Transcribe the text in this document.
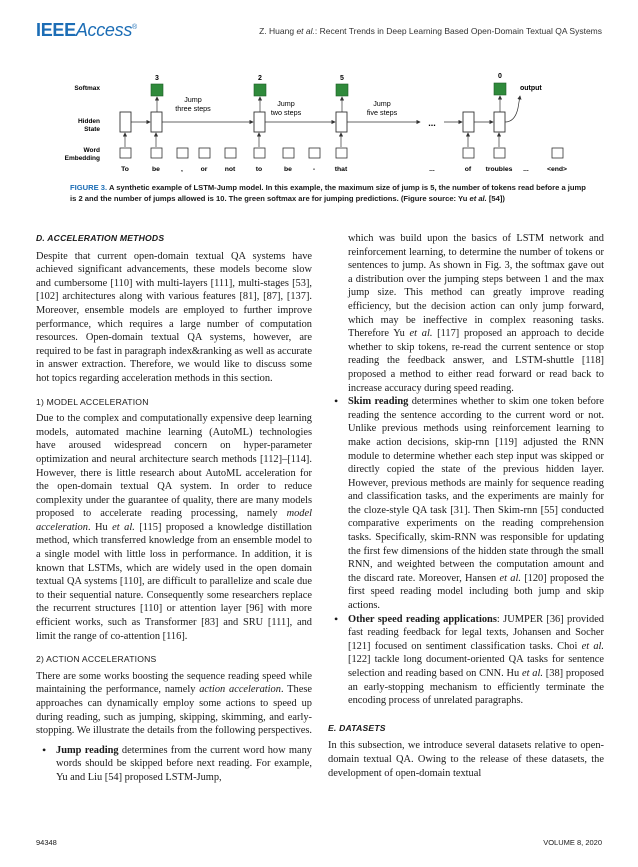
IEEEAccess®	Z. Huang et al.: Recent Trends in Deep Learning Based Open-Domain Textual QA Systems
Softmax
Hidden
State
Word
Embedding
3	2	5	0
Jump
three steps
Jump
two steps
Jump
five steps
...
output
To	be	,	or	not	to	be	-	that	...	of troubles ...	<end>
FIGURE 3. A synthetic example of LSTM-Jump model. In this example, the maximum size of jump is 5, the number of tokens read before a jump is 2 and the number of jumps allowed is 10. The green softmax are for jumping predictions. (Figure source: Yu et al. [54])
D. ACCELERATION METHODS

Despite that current open-domain textual QA systems have achieved significant advancements, these models become slow and cumbersome [110] with multi-layers [111], multi-stages [53], [102] architectures along with various features [81], [87], [137]. Moreover, ensemble models are employed to further improve performance, which requires a large number of computation resources. Open-domain textual QA systems, however, are required to be fast in paragraph index&ranking as well as accurate in answer extraction. Therefore, we would like to discuss some hot topics regarding acceleration methods in this section.

1) MODEL ACCELERATION

Due to the complex and computationally expensive deep learning models, automated machine learning (AutoML) technologies have aroused widespread concern on hyper-parameter optimization and neural architecture search methods [112]–[114]. However, there is little research about AutoML acceleration for the open-domain textual QA system. In order to reduce complexity under the guarantee of quality, there are many models proposed to accelerate reading processing, namely model acceleration. Hu et al. [115] proposed a knowledge distillation method, which transferred knowledge from an ensemble model to a single model with little loss in performance. In addition, it is known that LSTMs, which are widely used in the open domain textual QA systems [110], are difficult to parallelize and scale due to their sequential nature. Consequently some researchers replace the recurrent structures [110] or attention layer [96] with more efficient works, such as Transformer [83] and SRU [111], and limit the range of co-attention [116].

2) ACTION ACCELERATIONS

There are some works boosting the sequence reading speed while maintaining the performance, namely action acceleration. These approaches can dynamically employ some actions to speed up during reading, such as jumping, skipping, skimming, and early-stopping. We illustrate the details from the following perspectives.

• Jump reading determines from the current word how many words should be skipped before next reading. For example, Yu and Liu [54] proposed LSTM-Jump,

which was build upon the basics of LSTM network and reinforcement learning, to determine the number of tokens or sentences to jump. As shown in Fig. 3, the softmax gave out a distribution over the jumping steps between 1 and the max jump size. This method can greatly improve reading efficiency, but the decision action can only jump forward, which may be ineffective in complex reasoning tasks. Therefore Yu et al. [117] proposed an approach to decide whether to skip tokens, re-read the current sentence or stop reading the feedback answer, and LSTM-shuttle [118] proposed a method to either read forward or read back to increase accuracy during speed reading.

• Skim reading determines whether to skim one token before reading the sentence according to the current word or not. Unlike previous methods using reinforcement learning to make action decisions, skip-rnn [119] adjusted the RNN module to determine whether each step input was skipped or directly copied the state of the previous hidden layer. However, previous methods are mainly for sequence reading and classification tasks, and the experiments are mainly for the cloze-style QA task [31]. Then Skim-rnn [55] conducted comparative experiments on the reading comprehension tasks. Specifically, skim-RNN was responsible for updating the first few dimensions of the hidden state through the small RNN, and weighted between the computation amount and the discard rate. Moreover, Hansen et al. [120] proposed the first speed reading model including both jump and skip actions.

• Other speed reading applications: JUMPER [36] provided fast reading feedback for legal texts, Johansen and Socher [121] focused on sentiment classification tasks. Choi et al. [122] tackle long document-oriented QA tasks for sentence selection and reading based on CNN. Hu et al. [38] proposed an early-stopping mechanism to efficiently terminate the encoding process of unrelated paragraphs.

E. DATASETS

In this subsection, we introduce several datasets relative to open-domain textual QA. Owing to the release of these datasets, the development of open-domain textual

94348	VOLUME 8, 2020
